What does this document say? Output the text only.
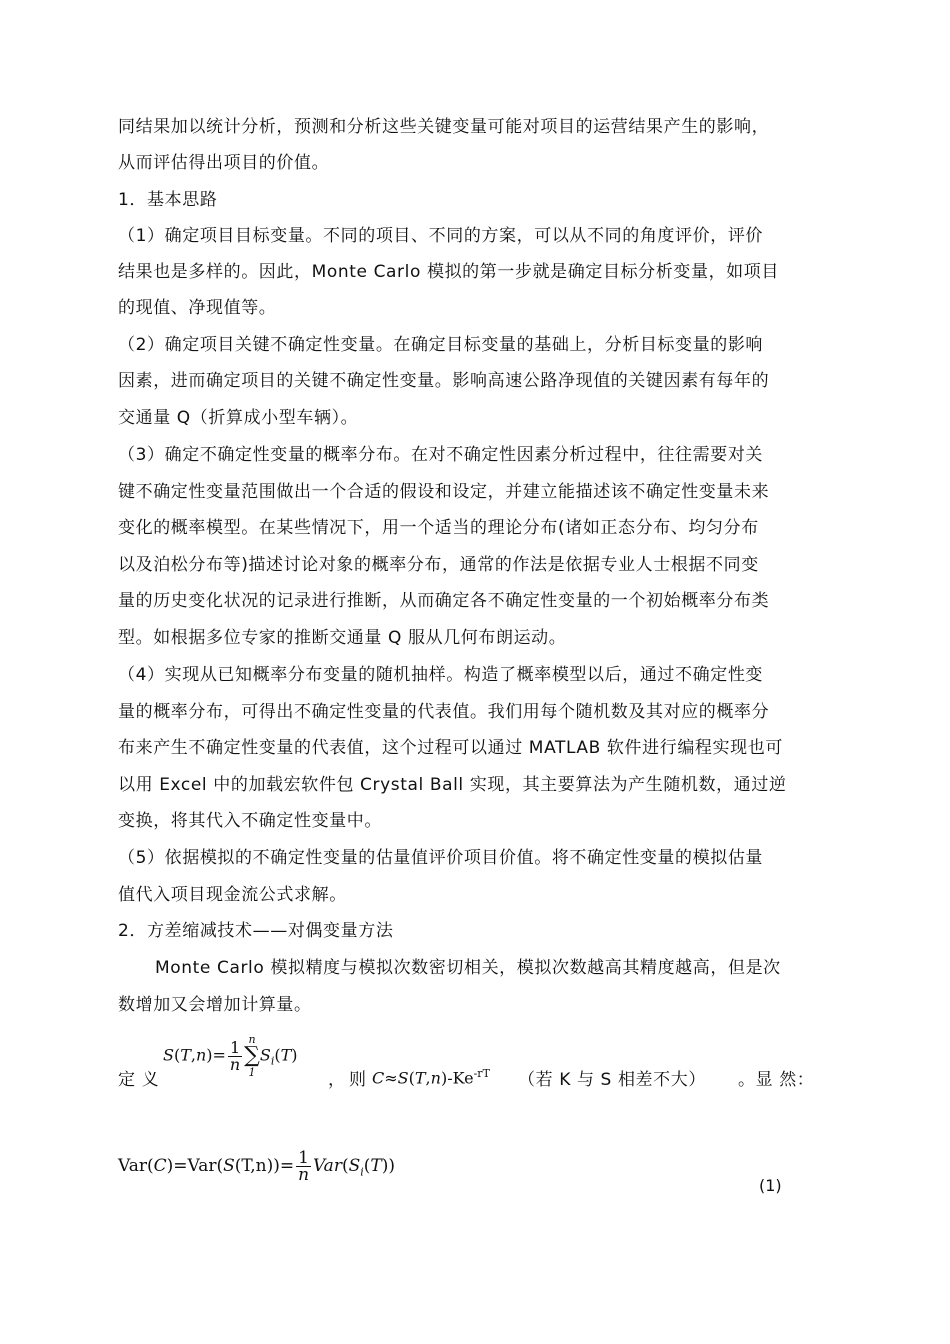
同结果加以统计分析，预测和分析这些关键变量可能对项目的运营结果产生的影响，
从而评估得出项目的价值。
1．基本思路
（1）确定项目目标变量。不同的项目、不同的方案，可以从不同的角度评价，评价
结果也是多样的。因此，Monte Carlo 模拟的第一步就是确定目标分析变量，如项目
的现值、净现值等。
（2）确定项目关键不确定性变量。在确定目标变量的基础上，分析目标变量的影响
因素，进而确定项目的关键不确定性变量。影响高速公路净现值的关键因素有每年的
交通量 Q（折算成小型车辆）。
（3）确定不确定性变量的概率分布。在对不确定性因素分析过程中，往往需要对关
键不确定性变量范围做出一个合适的假设和设定，并建立能描述该不确定性变量未来
变化的概率模型。在某些情况下，用一个适当的理论分布(诸如正态分布、均匀分布
以及泊松分布等)描述讨论对象的概率分布，通常的作法是依据专业人士根据不同变
量的历史变化状况的记录进行推断，从而确定各不确定性变量的一个初始概率分布类
型。如根据多位专家的推断交通量 Q 服从几何布朗运动。
（4）实现从已知概率分布变量的随机抽样。构造了概率模型以后，通过不确定性变
量的概率分布，可得出不确定性变量的代表值。我们用每个随机数及其对应的概率分
布来产生不确定性变量的代表值，这个过程可以通过 MATLAB 软件进行编程实现也可
以用 Excel 中的加载宏软件包 Crystal Ball 实现，其主要算法为产生随机数，通过逆
变换，将其代入不确定性变量中。
（5）依据模拟的不确定性变量的估量值评价项目价值。将不确定性变量的模拟估量
值代入项目现金流公式求解。
2．方差缩减技术——对偶变量方法
Monte Carlo 模拟精度与模拟次数密切相关，模拟次数越高其精度越高，但是次
数增加又会增加计算量。
定 义
$S(T,n)= \frac{1}{n}$ n
∑
1
$S_i(T)$
， 则 $C\approx S(T,n)-Ke^{-rT}$ （若 K 与 S 相差不大） 。显 然：
$Var(C)=Var(S(T,n))= \frac{1}{n} Var(S_i(T))$
(1)
